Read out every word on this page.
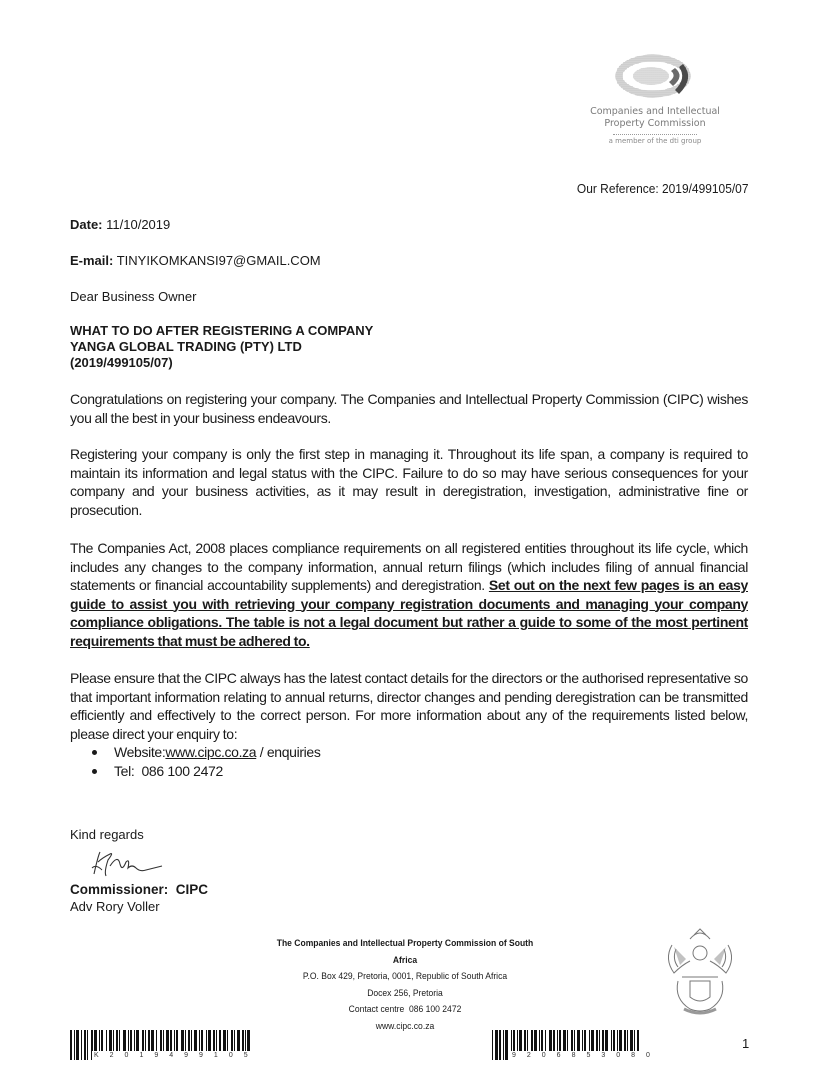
Companies and Intellectual
Property Commission
a member of the dti group
Our Reference: 2019/499105/07
Date: 11/10/2019
E-mail: TINYIKOMKANSI97@GMAIL.COM
Dear Business Owner
WHAT TO DO AFTER REGISTERING A COMPANY
YANGA GLOBAL TRADING (PTY) LTD
(2019/499105/07)
Congratulations on registering your company. The Companies and Intellectual Property Commission (CIPC) wishes you all the best in your business endeavours.
Registering your company is only the first step in managing it. Throughout its life span, a company is required to maintain its information and legal status with the CIPC. Failure to do so may have serious consequences for your company and your business activities, as it may result in deregistration, investigation, administrative fine or prosecution.
The Companies Act, 2008 places compliance requirements on all registered entities throughout its life cycle, which includes any changes to the company information, annual return filings (which includes filing of annual financial statements or financial accountability supplements) and deregistration. Set out on the next few pages is an easy guide to assist you with retrieving your company registration documents and managing your company compliance obligations. The table is not a legal document but rather a guide to some of the most pertinent requirements that must be adhered to.
Please ensure that the CIPC always has the latest contact details for the directors or the authorised representative so that important information relating to annual returns, director changes and pending deregistration can be transmitted efficiently and effectively to the correct person. For more information about any of the requirements listed below, please direct your enquiry to:
Website: www.cipc.co.za / enquiries
Tel: 086 100 2472
Kind regards
Commissioner:  CIPC
Adv Rory Voller
The Companies and Intellectual Property Commission of South Africa
P.O. Box 429, Pretoria, 0001, Republic of South Africa
Docex 256, Pretoria
Contact centre  086 100 2472
www.cipc.co.za
K2019499105	9206853080
1
